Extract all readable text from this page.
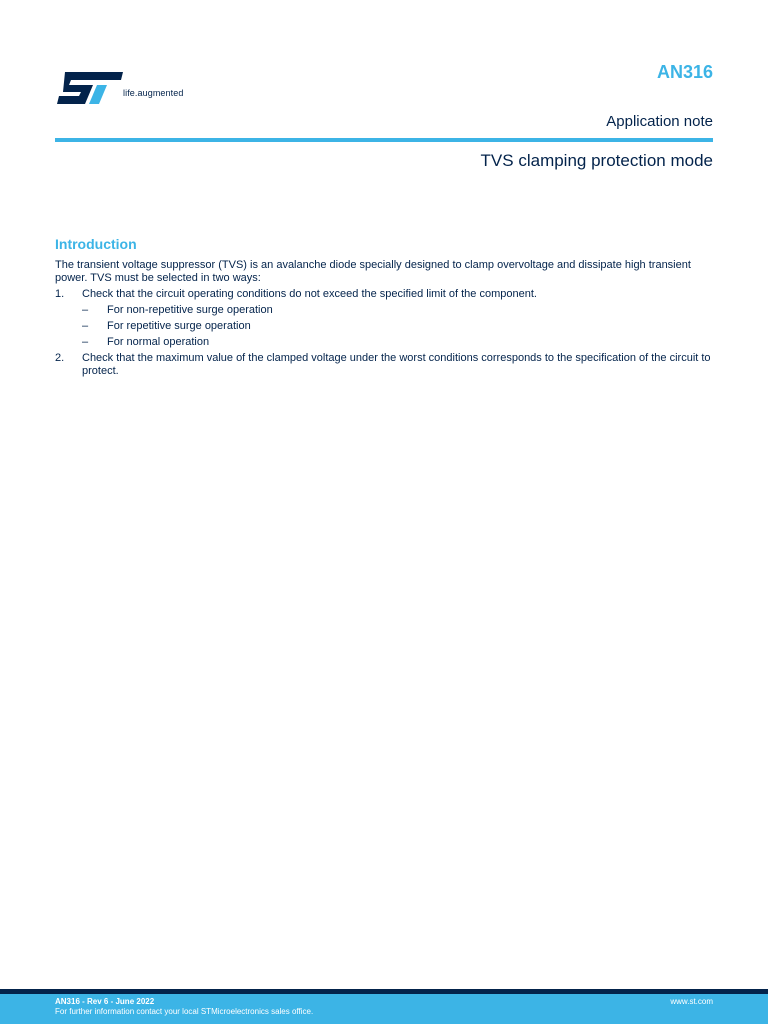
life.augmented
AN316
Application note
TVS clamping protection mode
Introduction

The transient voltage suppressor (TVS) is an avalanche diode specially designed to clamp overvoltage and dissipate high transient power. TVS must be selected in two ways:

1. Check that the circuit operating conditions do not exceed the specified limit of the component.
– For non-repetitive surge operation
– For repetitive surge operation
– For normal operation
2. Check that the maximum value of the clamped voltage under the worst conditions corresponds to the specification of the circuit to protect.
AN316 - Rev 6 - June 2022
For further information contact your local STMicroelectronics sales office.
www.st.com
